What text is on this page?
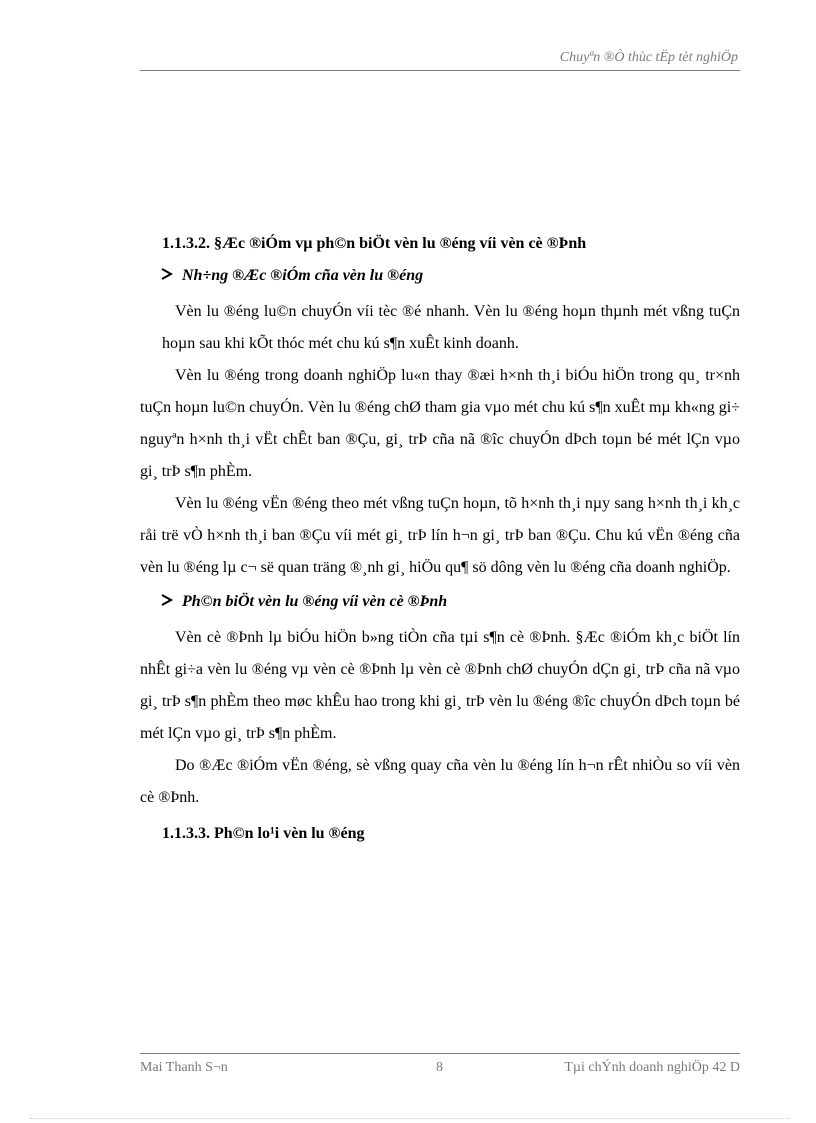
Chuyªn ®Ò thùc tËp tèt nghiÖp
1.1.3.2. §Æc ®iÓm vµ ph©n biÖt vèn lu ®éng víi vèn cè ®Þnh
Nh÷ng ®Æc ®iÓm cña vèn lu ®éng

Vèn lu ®éng lu©n chuyÓn víi tèc ®é nhanh. Vèn lu ®éng hoµn thµnh mét vßng tuÇn hoµn sau khi kÕt thóc mét chu kú s¶n xuÊt kinh doanh.

Vèn lu ®éng trong doanh nghiÖp lu«n thay ®æi h×nh th¸i biÓu hiÖn trong qu¸ tr×nh tuÇn hoµn lu©n chuyÓn. Vèn lu ®éng chØ tham gia vµo mét chu kú s¶n xuÊt mµ kh«ng gi÷ nguyªn h×nh th¸i vËt chÊt ban ®Çu, gi¸ trÞ cña nã ®îc chuyÓn dÞch toµn bé mét lÇn vµo gi¸ trÞ s¶n phÈm.

Vèn lu ®éng vËn ®éng theo mét vßng tuÇn hoµn, tõ h×nh th¸i nµy sang h×nh th¸i kh¸c råi trë vÒ h×nh th¸i ban ®Çu víi mét gi¸ trÞ lín h¬n gi¸ trÞ ban ®Çu. Chu kú vËn ®éng cña vèn lu ®éng lµ c¬ së quan träng ®¸nh gi¸ hiÖu qu¶ sö dông vèn lu ®éng cña doanh nghiÖp.

Ph©n biÖt vèn lu ®éng víi vèn cè ®Þnh

Vèn cè ®Þnh lµ biÓu hiÖn b»ng tiÒn cña tµi s¶n cè ®Þnh. §Æc ®iÓm kh¸c biÖt lín nhÊt gi÷a vèn lu ®éng vµ vèn cè ®Þnh lµ vèn cè ®Þnh chØ chuyÓn dÇn gi¸ trÞ cña nã vµo gi¸ trÞ s¶n phÈm theo møc khÊu hao trong khi gi¸ trÞ vèn lu ®éng ®îc chuyÓn dÞch toµn bé mét lÇn vµo gi¸ trÞ s¶n phÈm.

Do ®Æc ®iÓm vËn ®éng, sè vßng quay cña vèn lu ®éng lín h¬n rÊt nhiÒu so víi vèn cè ®Þnh.

1.1.3.3. Ph©n lo¹i vèn lu ®éng
Mai Thanh S¬n	8	Tµi chÝnh doanh nghiÖp 42 D
